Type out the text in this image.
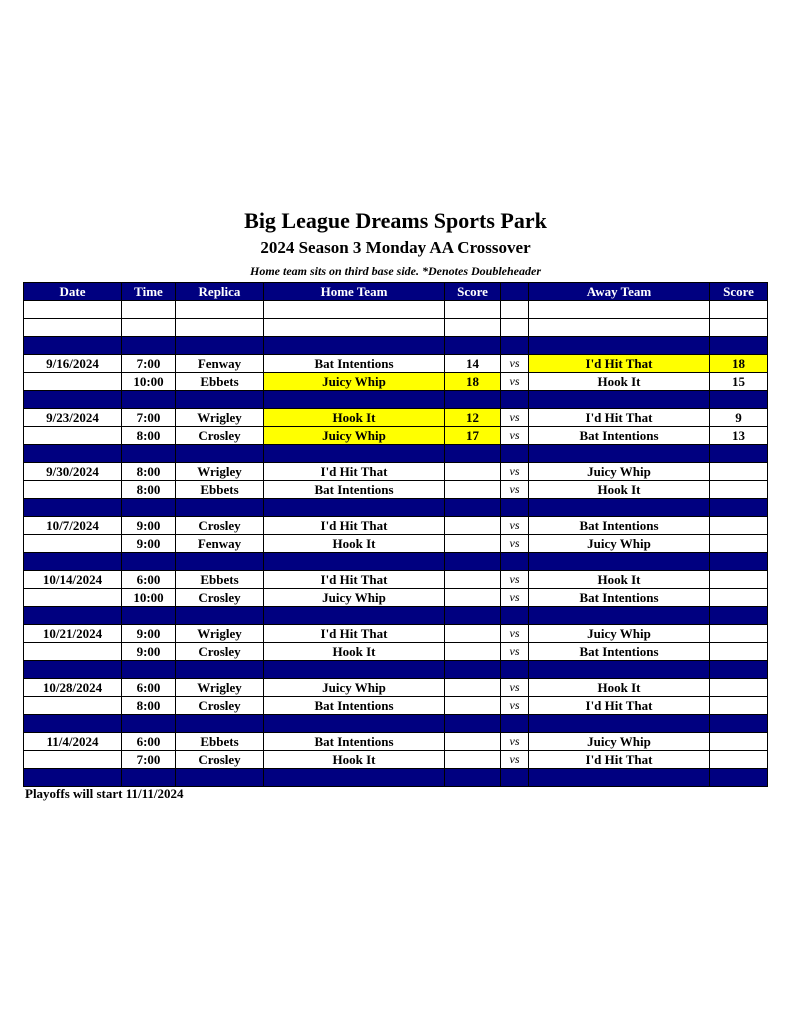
Big League Dreams Sports Park
2024 Season 3 Monday AA Crossover
Home team sits on third base side. *Denotes Doubleheader
Date	Time	Replica	Home Team	Score		Away Team	Score

9/16/2024	7:00	Fenway	Bat Intentions	14	vs	I'd Hit That	18
	10:00	Ebbets	Juicy Whip	18	vs	Hook It	15

9/23/2024	7:00	Wrigley	Hook It	12	vs	I'd Hit That	9
	8:00	Crosley	Juicy Whip	17	vs	Bat Intentions	13

9/30/2024	8:00	Wrigley	I'd Hit That		vs	Juicy Whip	
	8:00	Ebbets	Bat Intentions		vs	Hook It	

10/7/2024	9:00	Crosley	I'd Hit That		vs	Bat Intentions	
	9:00	Fenway	Hook It		vs	Juicy Whip	

10/14/2024	6:00	Ebbets	I'd Hit That		vs	Hook It	
	10:00	Crosley	Juicy Whip		vs	Bat Intentions	

10/21/2024	9:00	Wrigley	I'd Hit That		vs	Juicy Whip	
	9:00	Crosley	Hook It		vs	Bat Intentions	

10/28/2024	6:00	Wrigley	Juicy Whip		vs	Hook It	
	8:00	Crosley	Bat Intentions		vs	I'd Hit That	

11/4/2024	6:00	Ebbets	Bat Intentions		vs	Juicy Whip	
	7:00	Crosley	Hook It		vs	I'd Hit That	

Playoffs will start 11/11/2024
